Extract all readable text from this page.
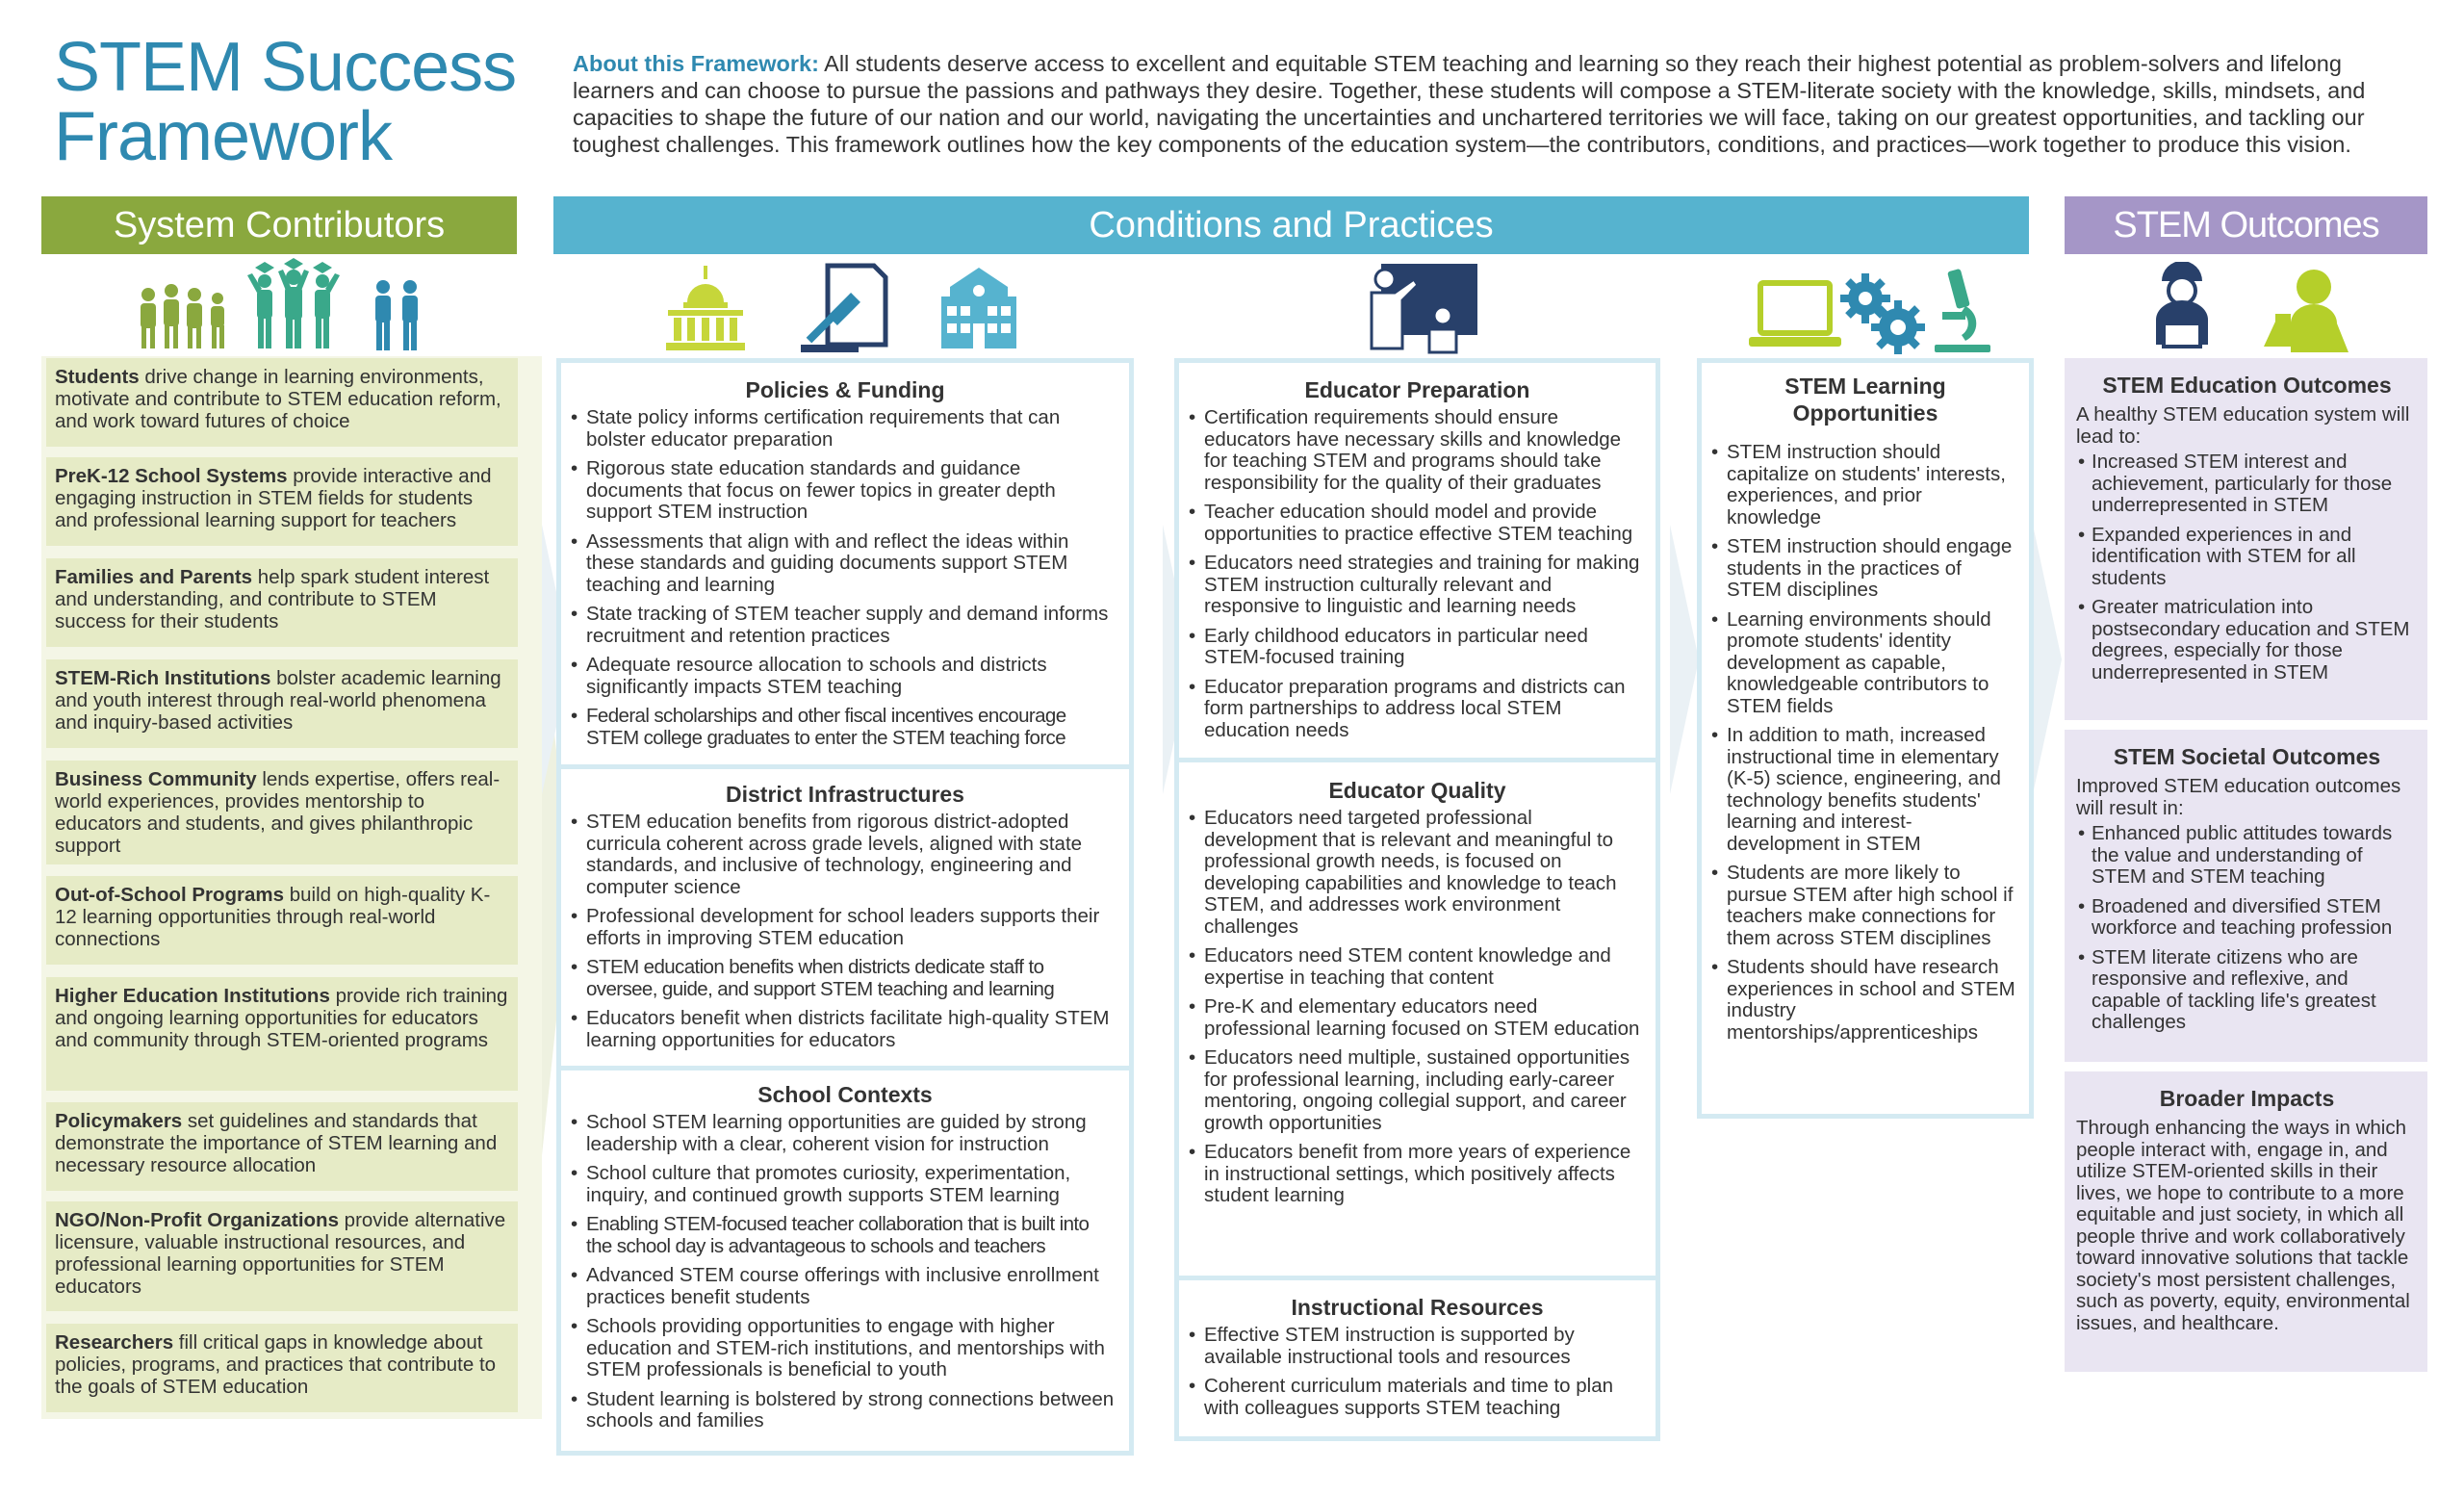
STEM Success Framework
About this Framework: All students deserve access to excellent and equitable STEM teaching and learning so they reach their highest potential as problem-solvers and lifelong learners and can choose to pursue the passions and pathways they desire. Together, these students will compose a STEM-literate society with the knowledge, skills, mindsets, and capacities to shape the future of our nation and our world, navigating the uncertainties and unchartered territories we will face, taking on our greatest opportunities, and tackling our toughest challenges. This framework outlines how the key components of the education system—the contributors, conditions, and practices—work together to produce this vision.
System Contributors	Conditions and Practices	STEM Outcomes
Students drive change in learning environments, motivate and contribute to STEM education reform, and work toward futures of choice
PreK-12 School Systems provide interactive and engaging instruction in STEM fields for students and professional learning support for teachers
Families and Parents help spark student interest and understanding, and contribute to STEM success for their students
STEM-Rich Institutions bolster academic learning and youth interest through real-world phenomena and inquiry-based activities
Business Community lends expertise, offers real-world experiences, provides mentorship to educators and students, and gives philanthropic support
Out-of-School Programs build on high-quality K-12 learning opportunities through real-world connections
Higher Education Institutions provide rich training and ongoing learning opportunities for educators and community through STEM-oriented programs
Policymakers set guidelines and standards that demonstrate the importance of STEM learning and necessary resource allocation
NGO/Non-Profit Organizations provide alternative licensure, valuable instructional resources, and professional learning opportunities for STEM educators
Researchers fill critical gaps in knowledge about policies, programs, and practices that contribute to the goals of STEM education
Policies & Funding
• State policy informs certification requirements that can bolster educator preparation
• Rigorous state education standards and guidance documents that focus on fewer topics in greater depth support STEM instruction
• Assessments that align with and reflect the ideas within these standards and guiding documents support STEM teaching and learning
• State tracking of STEM teacher supply and demand informs recruitment and retention practices
• Adequate resource allocation to schools and districts significantly impacts STEM teaching
• Federal scholarships and other fiscal incentives encourage STEM college graduates to enter the STEM teaching force
District Infrastructures
• STEM education benefits from rigorous district-adopted curricula coherent across grade levels, aligned with state standards, and inclusive of technology, engineering and computer science
• Professional development for school leaders supports their efforts in improving STEM education
• STEM education benefits when districts dedicate staff to oversee, guide, and support STEM teaching and learning
• Educators benefit when districts facilitate high-quality STEM learning opportunities for educators
School Contexts
• School STEM learning opportunities are guided by strong leadership with a clear, coherent vision for instruction
• School culture that promotes curiosity, experimentation, inquiry, and continued growth supports STEM learning
• Enabling STEM-focused teacher collaboration that is built into the school day is advantageous to schools and teachers
• Advanced STEM course offerings with inclusive enrollment practices benefit students
• Schools providing opportunities to engage with higher education and STEM-rich institutions, and mentorships with STEM professionals is beneficial to youth
• Student learning is bolstered by strong connections between schools and families
Educator Preparation
• Certification requirements should ensure educators have necessary skills and knowledge for teaching STEM and programs should take responsibility for the quality of their graduates
• Teacher education should model and provide opportunities to practice effective STEM teaching
• Educators need strategies and training for making STEM instruction culturally relevant and responsive to linguistic and learning needs
• Early childhood educators in particular need STEM-focused training
• Educator preparation programs and districts can form partnerships to address local STEM education needs
Educator Quality
• Educators need targeted professional development that is relevant and meaningful to professional growth needs, is focused on developing capabilities and knowledge to teach STEM, and addresses work environment challenges
• Educators need STEM content knowledge and expertise in teaching that content
• Pre-K and elementary educators need professional learning focused on STEM education
• Educators need multiple, sustained opportunities for professional learning, including early-career mentoring, ongoing collegial support, and career growth opportunities
• Educators benefit from more years of experience in instructional settings, which positively affects student learning
Instructional Resources
• Effective STEM instruction is supported by available instructional tools and resources
• Coherent curriculum materials and time to plan with colleagues supports STEM teaching
STEM Learning Opportunities
• STEM instruction should capitalize on students' interests, experiences, and prior knowledge
• STEM instruction should engage students in the practices of STEM disciplines
• Learning environments should promote students' identity development as capable, knowledgeable contributors to STEM fields
• In addition to math, increased instructional time in elementary (K-5) science, engineering, and technology benefits students' learning and interest-development in STEM
• Students are more likely to pursue STEM after high school if teachers make connections for them across STEM disciplines
• Students should have research experiences in school and STEM industry mentorships/apprenticeships
STEM Education Outcomes

A healthy STEM education system will lead to:

• Increased STEM interest and achievement, particularly for those underrepresented in STEM
• Expanded experiences in and identification with STEM for all students
• Greater matriculation into postsecondary education and STEM degrees, especially for those underrepresented in STEM
STEM Societal Outcomes

Improved STEM education outcomes will result in:

• Enhanced public attitudes towards the value and understanding of STEM and STEM teaching
• Broadened and diversified STEM workforce and teaching profession
• STEM literate citizens who are responsive and reflexive, and capable of tackling life's greatest challenges
Broader Impacts

Through enhancing the ways in which people interact with, engage in, and utilize STEM-oriented skills in their lives, we hope to contribute to a more equitable and just society, in which all people thrive and work collaboratively toward innovative solutions that tackle society's most persistent challenges, such as poverty, equity, environmental issues, and healthcare.
